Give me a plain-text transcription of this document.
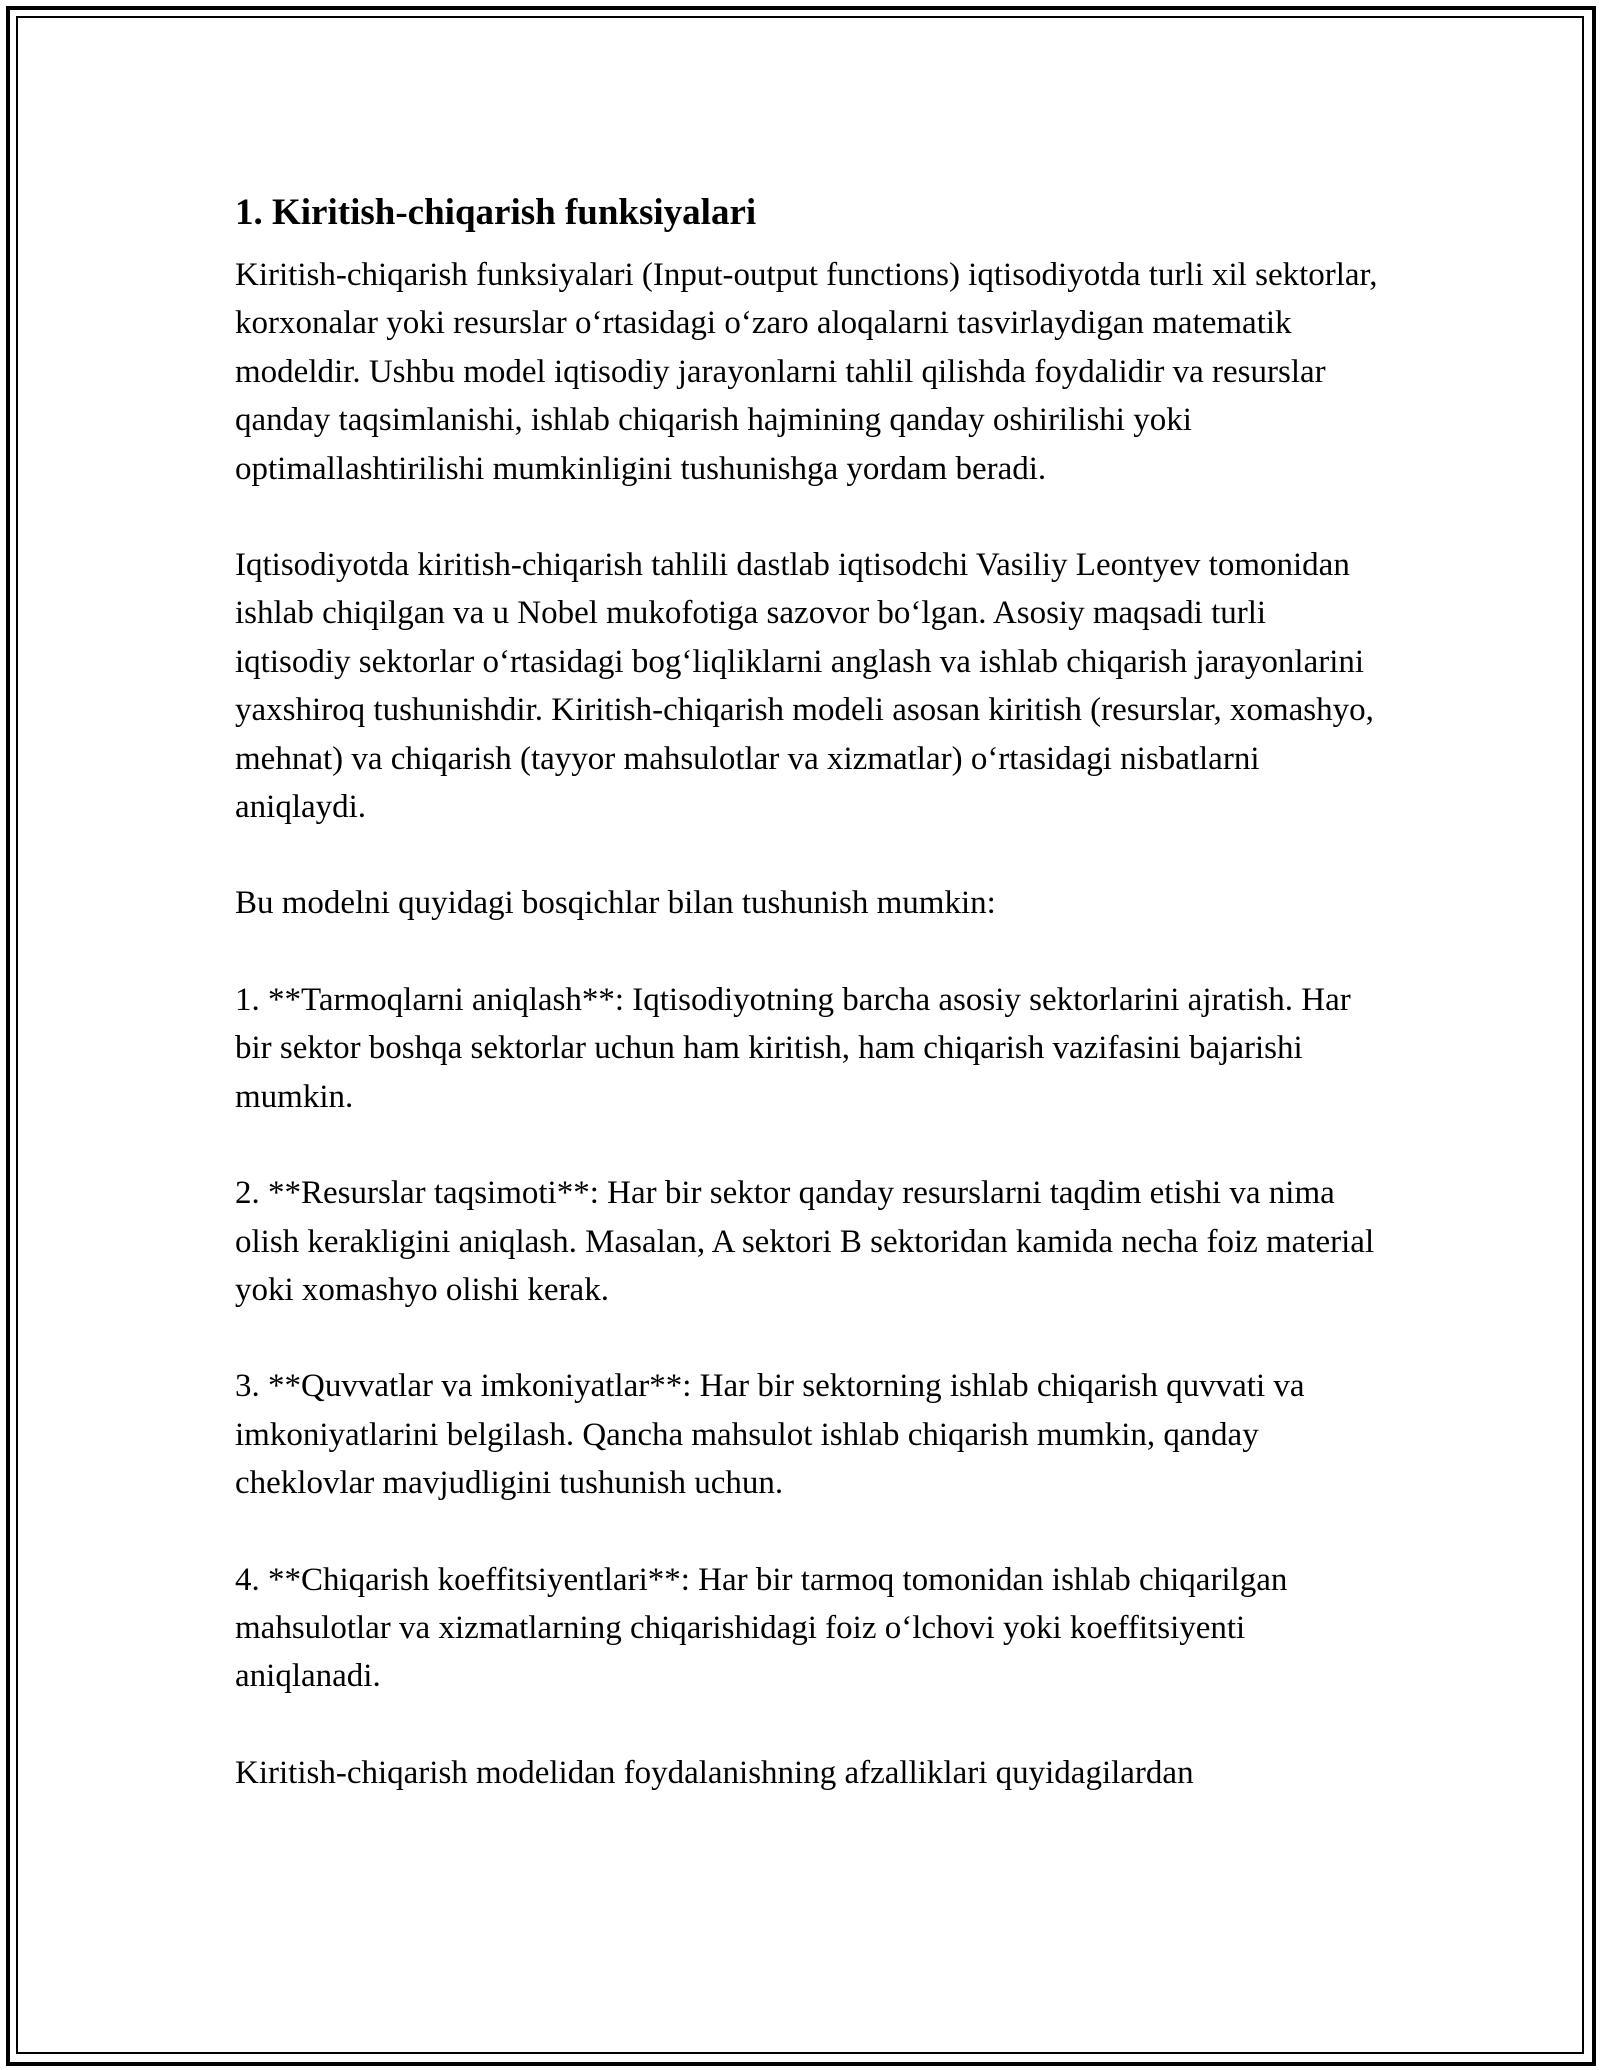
1. Kiritish-chiqarish funksiyalari

Kiritish-chiqarish funksiyalari (Input-output functions) iqtisodiyotda turli xil sektorlar, korxonalar yoki resurslar o‘rtasidagi o‘zaro aloqalarni tasvirlaydigan matematik modeldir. Ushbu model iqtisodiy jarayonlarni tahlil qilishda foydalidir va resurslar qanday taqsimlanishi, ishlab chiqarish hajmining qanday oshirilishi yoki optimallashtirilishi mumkinligini tushunishga yordam beradi.

Iqtisodiyotda kiritish-chiqarish tahlili dastlab iqtisodchi Vasiliy Leontyev tomonidan ishlab chiqilgan va u Nobel mukofotiga sazovor bo‘lgan. Asosiy maqsadi turli iqtisodiy sektorlar o‘rtasidagi bog‘liqliklarni anglash va ishlab chiqarish jarayonlarini yaxshiroq tushunishdir. Kiritish-chiqarish modeli asosan kiritish (resurslar, xomashyo, mehnat) va chiqarish (tayyor mahsulotlar va xizmatlar) o‘rtasidagi nisbatlarni aniqlaydi.

Bu modelni quyidagi bosqichlar bilan tushunish mumkin:

1. **Tarmoqlarni aniqlash**: Iqtisodiyotning barcha asosiy sektorlarini ajratish. Har bir sektor boshqa sektorlar uchun ham kiritish, ham chiqarish vazifasini bajarishi mumkin.

2. **Resurslar taqsimoti**: Har bir sektor qanday resurslarni taqdim etishi va nima olish kerakligini aniqlash. Masalan, A sektori B sektoridan kamida necha foiz material yoki xomashyo olishi kerak.

3. **Quvvatlar va imkoniyatlar**: Har bir sektorning ishlab chiqarish quvvati va imkoniyatlarini belgilash. Qancha mahsulot ishlab chiqarish mumkin, qanday cheklovlar mavjudligini tushunish uchun.

4. **Chiqarish koeffitsiyentlari**: Har bir tarmoq tomonidan ishlab chiqarilgan mahsulotlar va xizmatlarning chiqarishidagi foiz o‘lchovi yoki koeffitsiyenti aniqlanadi.

Kiritish-chiqarish modelidan foydalanishning afzalliklari quyidagilardan
